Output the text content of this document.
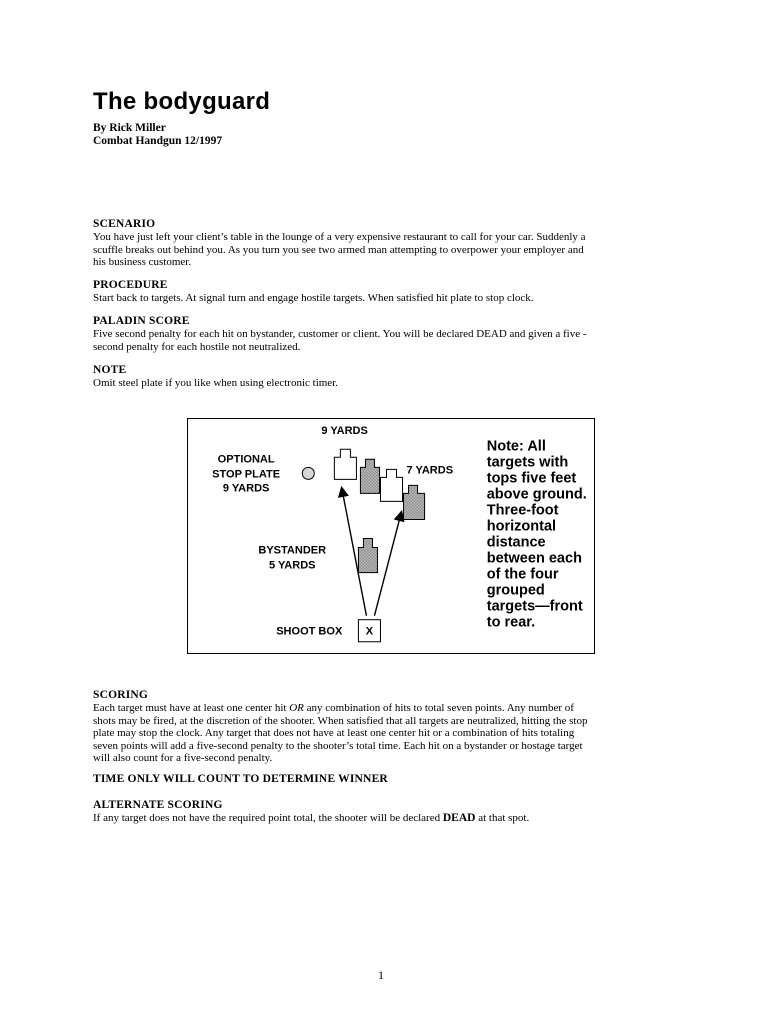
The bodyguard
By Rick Miller
Combat Handgun 12/1997
SCENARIO
You have just left your client’s table in the lounge of a very expensive restaurant to call for your car. Suddenly a
scuffle breaks out behind you. As you turn you see two armed man attempting to overpower your employer and
his business customer.
PROCEDURE
Start back to targets. At signal turn and engage hostile targets. When satisfied hit plate to stop clock.
PALADIN SCORE
Five second penalty for each hit on bystander, customer or client. You will be declared DEAD and given a five -
second penalty for each hostile not neutralized.
NOTE
Omit steel plate if you like when using electronic timer.
9 YARDS
OPTIONAL
STOP PLATE
9 YARDS
7 YARDS
BYSTANDER
5 YARDS
SHOOT BOX X
Note: All
targets with
tops five feet
above ground.
Three-foot
horizontal
distance
between each
of the four
grouped
targets—front
to rear.
SCORING
Each target must have at least one center hit OR any combination of hits to total seven points. Any number of
shots may be fired, at the discretion of the shooter. When satisfied that all targets are neutralized, hitting the stop
plate may stop the clock. Any target that does not have at least one center hit or a combination of hits totaling
seven points will add a five-second penalty to the shooter’s total time. Each hit on a bystander or hostage target
will also count for a five-second penalty.
TIME ONLY WILL COUNT TO DETERMINE WINNER
ALTERNATE SCORING
If any target does not have the required point total, the shooter will be declared DEAD at that spot.
1
